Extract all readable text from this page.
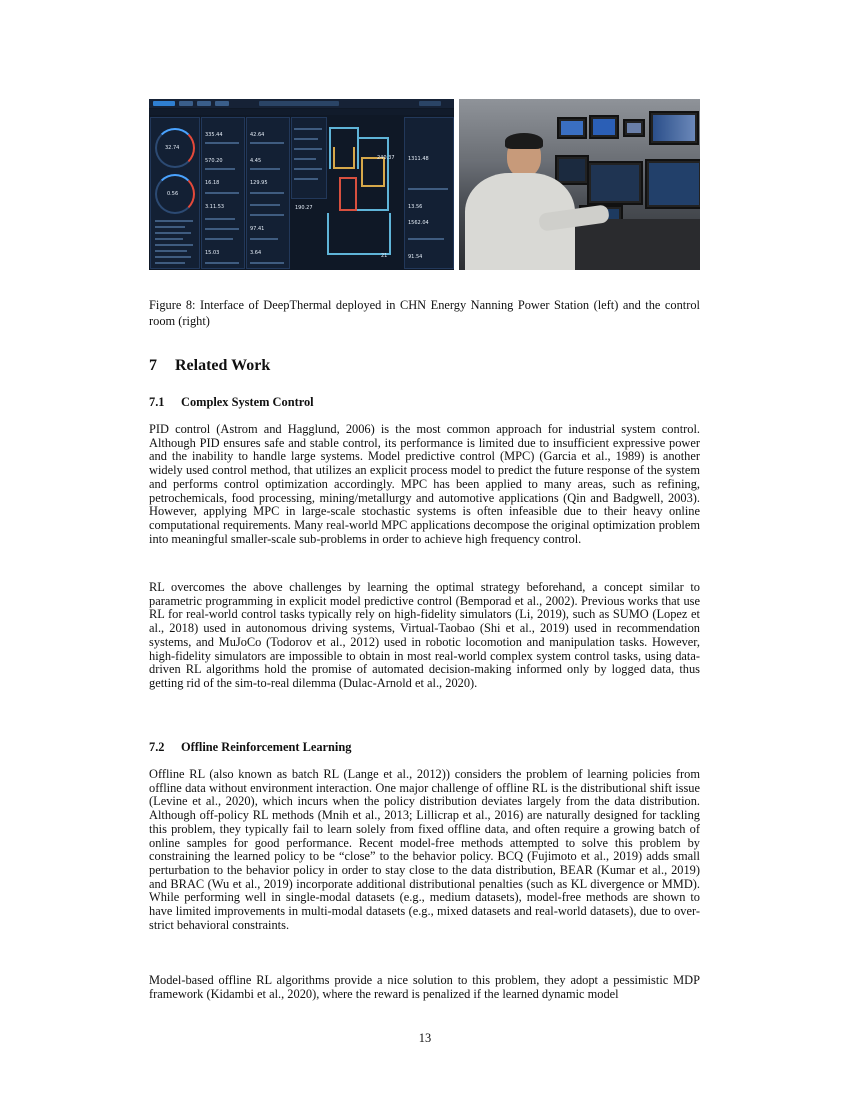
32.74
0.56
335.44
570.20
16.18
3.11.53
15.03
42.64
4.45
129.95
97.41
3.64
190.27
1311.48
1562.04
13.56
91.54
240.37
21
Figure 8: Interface of DeepThermal deployed in CHN Energy Nanning Power Station (left) and the control room (right)
7 Related Work
7.1 Complex System Control

PID control (Astrom and Hagglund, 2006) is the most common approach for industrial system control. Although PID ensures safe and stable control, its performance is limited due to insufficient expressive power and the inability to handle large systems. Model predictive control (MPC) (Garcia et al., 1989) is another widely used control method, that utilizes an explicit process model to predict the future response of the system and performs control optimization accordingly. MPC has been applied to many areas, such as refining, petrochemicals, food processing, mining/metallurgy and automotive applications (Qin and Badgwell, 2003). However, applying MPC in large-scale stochastic systems is often infeasible due to their heavy online computational requirements. Many real-world MPC applications decompose the original optimization problem into meaningful smaller-scale sub-problems in order to achieve high frequency control.

RL overcomes the above challenges by learning the optimal strategy beforehand, a concept similar to parametric programming in explicit model predictive control (Bemporad et al., 2002). Previous works that use RL for real-world control tasks typically rely on high-fidelity simulators (Li, 2019), such as SUMO (Lopez et al., 2018) used in autonomous driving systems, Virtual-Taobao (Shi et al., 2019) used in recommendation systems, and MuJoCo (Todorov et al., 2012) used in robotic locomotion and manipulation tasks. However, high-fidelity simulators are impossible to obtain in most real-world complex system control tasks, using data-driven RL algorithms hold the promise of automated decision-making informed only by logged data, thus getting rid of the sim-to-real dilemma (Dulac-Arnold et al., 2020).

7.2 Offline Reinforcement Learning

Offline RL (also known as batch RL (Lange et al., 2012)) considers the problem of learning policies from offline data without environment interaction. One major challenge of offline RL is the distributional shift issue (Levine et al., 2020), which incurs when the policy distribution deviates largely from the data distribution. Although off-policy RL methods (Mnih et al., 2013; Lillicrap et al., 2016) are naturally designed for tackling this problem, they typically fail to learn solely from fixed offline data, and often require a growing batch of online samples for good performance. Recent model-free methods attempted to solve this problem by constraining the learned policy to be “close” to the behavior policy. BCQ (Fujimoto et al., 2019) adds small perturbation to the behavior policy in order to stay close to the data distribution, BEAR (Kumar et al., 2019) and BRAC (Wu et al., 2019) incorporate additional distributional penalties (such as KL divergence or MMD). While performing well in single-modal datasets (e.g., medium datasets), model-free methods are shown to have limited improvements in multi-modal datasets (e.g., mixed datasets and real-world datasets), due to over-strict behavioral constraints.

Model-based offline RL algorithms provide a nice solution to this problem, they adopt a pessimistic MDP framework (Kidambi et al., 2020), where the reward is penalized if the learned dynamic model

13
